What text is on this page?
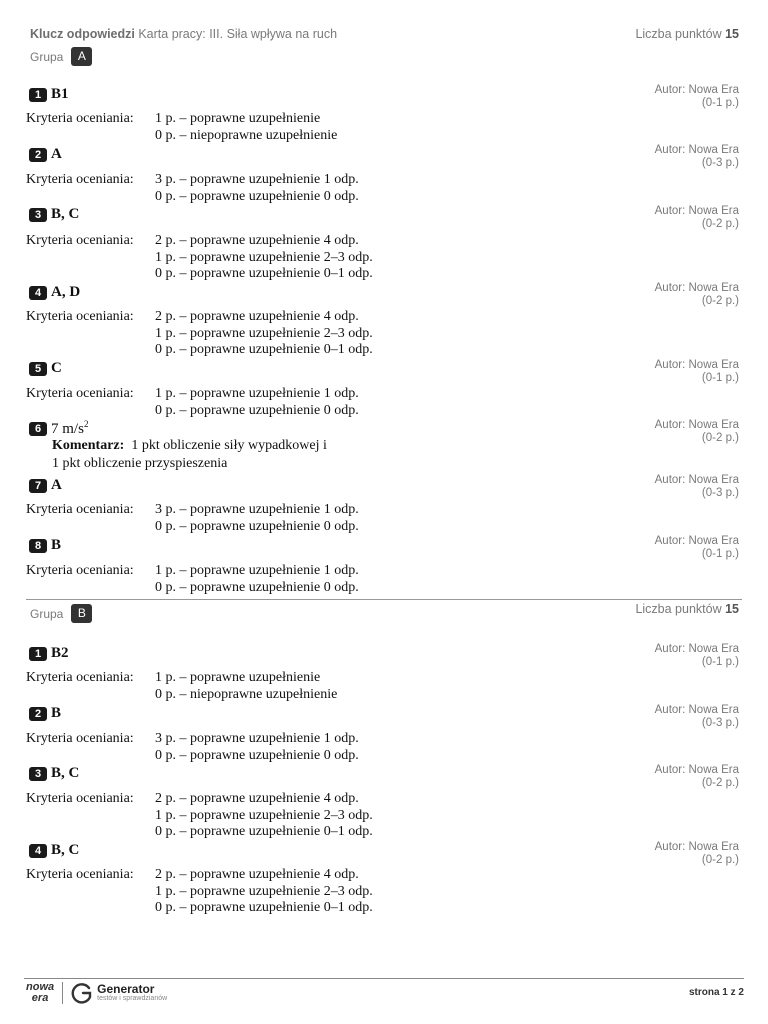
Klucz odpowiedzi Karta pracy: III. Siła wpływa na ruch	Liczba punktów 15
Grupa	A
1 B1	Autor: Nowa Era
(0-1 p.)
Kryteria oceniania:	1 p. – poprawne uzupełnienie
0 p. – niepoprawne uzupełnienie
2 A	Autor: Nowa Era
(0-3 p.)
Kryteria oceniania:	3 p. – poprawne uzupełnienie 1 odp.
0 p. – poprawne uzupełnienie 0 odp.
3 B, C	Autor: Nowa Era
(0-2 p.)
Kryteria oceniania:	2 p. – poprawne uzupełnienie 4 odp.
1 p. – poprawne uzupełnienie 2–3 odp.
0 p. – poprawne uzupełnienie 0–1 odp.
4 A, D	Autor: Nowa Era
(0-2 p.)
Kryteria oceniania:	2 p. – poprawne uzupełnienie 4 odp.
1 p. – poprawne uzupełnienie 2–3 odp.
0 p. – poprawne uzupełnienie 0–1 odp.
5 C	Autor: Nowa Era
(0-1 p.)
Kryteria oceniania:	1 p. – poprawne uzupełnienie 1 odp.
0 p. – poprawne uzupełnienie 0 odp.
6 7 $m/s^2$	Autor: Nowa Era
(0-2 p.)
Komentarz: 1 pkt obliczenie siły wypadkowej i
1 pkt obliczenie przyspieszenia
7 A	Autor: Nowa Era
(0-3 p.)
Kryteria oceniania:	3 p. – poprawne uzupełnienie 1 odp.
0 p. – poprawne uzupełnienie 0 odp.
8 B	Autor: Nowa Era
(0-1 p.)
Kryteria oceniania:	1 p. – poprawne uzupełnienie 1 odp.
0 p. – poprawne uzupełnienie 0 odp.
Grupa	B	Liczba punktów 15
1 B2	Autor: Nowa Era
(0-1 p.)
Kryteria oceniania:	1 p. – poprawne uzupełnienie
0 p. – niepoprawne uzupełnienie
2 B	Autor: Nowa Era
(0-3 p.)
Kryteria oceniania:	3 p. – poprawne uzupełnienie 1 odp.
0 p. – poprawne uzupełnienie 0 odp.
3 B, C	Autor: Nowa Era
(0-2 p.)
Kryteria oceniania:	2 p. – poprawne uzupełnienie 4 odp.
1 p. – poprawne uzupełnienie 2–3 odp.
0 p. – poprawne uzupełnienie 0–1 odp.
4 B, C	Autor: Nowa Era
(0-2 p.)
Kryteria oceniania:	2 p. – poprawne uzupełnienie 4 odp.
1 p. – poprawne uzupełnienie 2–3 odp.
0 p. – poprawne uzupełnienie 0–1 odp.
nowa
era
Generator
testów i sprawdzianów
strona 1 z 2
